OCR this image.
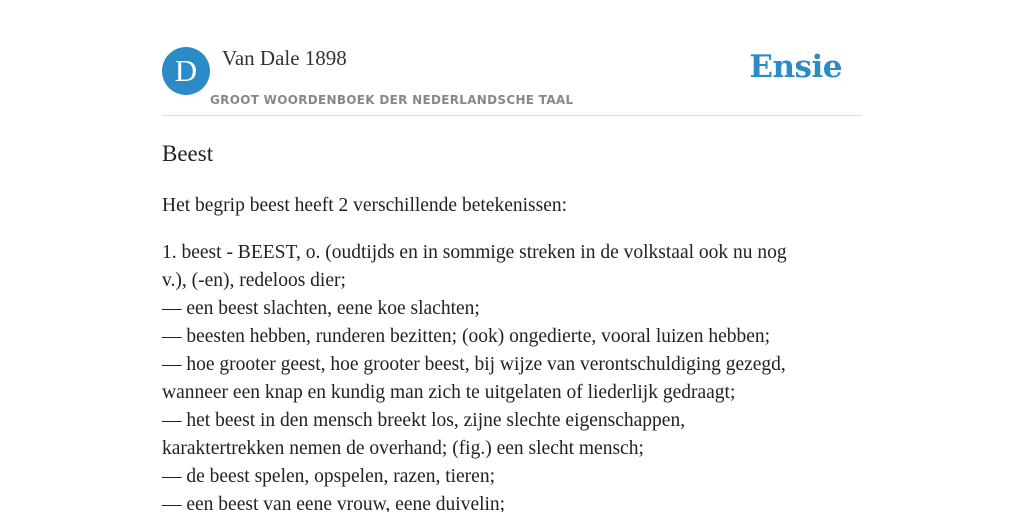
D	Van Dale 1898
GROOT WOORDENBOEK DER NEDERLANDSCHE TAAL
Ensie
Beest

Het begrip beest heeft 2 verschillende betekenissen:

1. beest - BEEST, o. (oudtijds en in sommige streken in de volkstaal ook nu nog
v.), (-en), redeloos dier;
— een beest slachten, eene koe slachten;
— beesten hebben, runderen bezitten; (ook) ongedierte, vooral luizen hebben;
— hoe grooter geest, hoe grooter beest, bij wijze van verontschuldiging gezegd,
wanneer een knap en kundig man zich te uitgelaten of liederlijk gedraagt;
— het beest in den mensch breekt los, zijne slechte eigenschappen,
karaktertrekken nemen de overhand; (fig.) een slecht mensch;
— de beest spelen, opspelen, razen, tieren;
— een beest van eene vrouw, eene duivelin;
